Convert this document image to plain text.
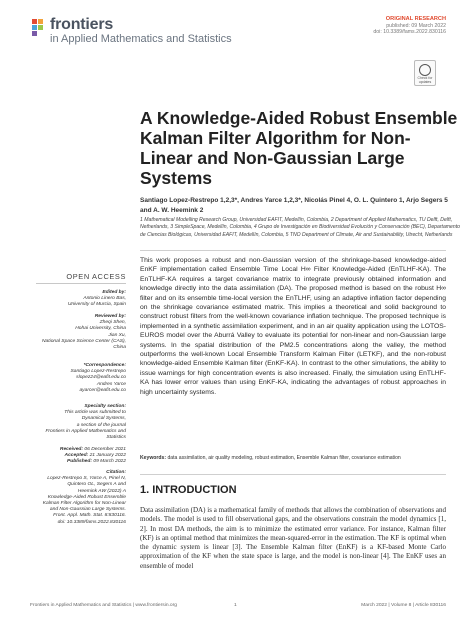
frontiers
in Applied Mathematics and Statistics
ORIGINAL RESEARCH
published: 09 March 2022
doi: 10.3389/fams.2022.830116
Check for updates
A Knowledge-Aided Robust Ensemble Kalman Filter Algorithm for Non-Linear and Non-Gaussian Large Systems
Santiago Lopez-Restrepo 1,2,3*, Andres Yarce 1,2,3*, Nicolás Pinel 4, O. L. Quintero 1, Arjo Segers 5 and A. W. Heemink 2
1 Mathematical Modelling Research Group, Universidad EAFIT, Medellín, Colombia, 2 Department of Applied Mathematics, TU Delft, Delft, Netherlands, 3 SimpleSpace, Medellín, Colombia, 4 Grupo de Investigación en Biodiversidad Evolución y Conservación (BEC), Departamento de Ciencias Biológicas, Universidad EAFIT, Medellín, Colombia, 5 TNO Department of Climate, Air and Sustainability, Utrecht, Netherlands
OPEN ACCESS
Edited by:
Antonio Linero Bas,
University of Murcia, Spain
Reviewed by:
Zheqi Shen,
Hohai University, China
Jian Xu,
National Space Science Center (CAS),
China
*Correspondence:
Santiago Lopez-Restrepo
slopez24@eafit.edu.co
Andres Yarce
ayarcer@eafit.edu.co
Specialty section:
This article was submitted to
Dynamical Systems,
a section of the journal
Frontiers in Applied Mathematics and
Statistics
Received: 06 December 2021
Accepted: 21 January 2022
Published: 09 March 2022
Citation:
Lopez-Restrepo S, Yarce A, Pinel N,
Quintero OL, Segers A and
Heemink AW (2022) A
Knowledge-Aided Robust Ensemble
Kalman Filter Algorithm for Non-Linear
and Non-Gaussian Large Systems.
Front. Appl. Math. Stat. 8:830116.
doi: 10.3389/fams.2022.830116
This work proposes a robust and non-Gaussian version of the shrinkage-based knowledge-aided EnKF implementation called Ensemble Time Local H∞ Filter Knowledge-Aided (EnTLHF-KA). The EnTLHF-KA requires a target covariance matrix to integrate previously obtained information and knowledge directly into the data assimilation (DA). The proposed method is based on the robust H∞ filter and on its ensemble time-local version the EnTLHF, using an adaptive inflation factor depending on the shrinkage covariance estimated matrix. This implies a theoretical and solid background to construct robust filters from the well-known covariance inflation technique. The proposed technique is implemented in a synthetic assimilation experiment, and in an air quality application using the LOTOS-EUROS model over the Aburrá Valley to evaluate its potential for non-linear and non-Gaussian large systems. In the spatial distribution of the PM2.5 concentrations along the valley, the method outperforms the well-known Local Ensemble Transform Kalman Filter (LETKF), and the non-robust knowledge-aided Ensemble Kalman filter (EnKF-KA). In contrast to the other simulations, the ability to issue warnings for high concentration events is also increased. Finally, the simulation using EnTLHF-KA has lower error values than using EnKF-KA, indicating the advantages of robust approaches in high uncertainty systems.
Keywords: data assimilation, air quality modeling, robust estimation, Ensemble Kalman filter, covariance estimation
1. INTRODUCTION
Data assimilation (DA) is a mathematical family of methods that allows the combination of observations and models. The model is used to fill observational gaps, and the observations constrain the model dynamics [1, 2]. In most DA methods, the aim is to minimize the estimated error variance. For instance, Kalman filter (KF) is an optimal method that minimizes the mean-squared-error in the estimation. The KF is optimal when the dynamic system is linear [3]. The Ensemble Kalman filter (EnKF) is a KF-based Monte Carlo approximation of the KF when the state space is large, and the model is non-linear [4]. The EnKF uses an ensemble of model
Frontiers in Applied Mathematics and Statistics | www.frontiersin.org	1	March 2022 | Volume 8 | Article 830116
